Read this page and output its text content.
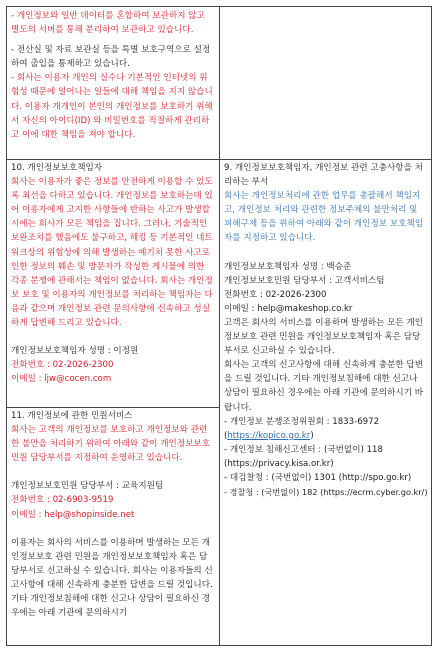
- 개인정보와 일반 데이터를 혼합하여 보관하지 않고 별도의 서버를 통해 분리하여 보관하고 있습니다.

- 전산실 및 자료 보관실 등을 특별 보호구역으로 설정하여 출입을 통제하고 있습니다.

- 회사는 이용자 개인의 실수나 기본적인 인터넷의 위험성 때문에 일어나는 일들에 대해 책임을 지지 않습니다. 이용자 개개인이 본인의 개인정보를 보호하기 위해서 자신의 아이디(ID) 와 비밀번호를 적절하게 관리하고 이에 대한 책임을 져야 합니다.

10. 개인정보보호책임자

회사는 이용자가 좋은 정보를 안전하게 이용할 수 있도록 최선을 다하고 있습니다. 개인정보를 보호하는데 있어 이용자에게 고지한 사항들에 반하는 사고가 발생할 시에는 회사가 모든 책임을 집니다. 그러나, 기술적인 보완조치를 했음에도 불구하고, 해킹 등 기본적인 네트워크상의 위험성에 의해 발생하는 예기치 못한 사고로 인한 정보의 훼손 및 방문자가 작성한 게시물에 의한 각종 분쟁에 관해서는 책임이 없습니다. 회사는 개인정보 보호 및 이용자의 개인정보를 처리하는 책임자는 다음과 같으며 개인정보 관련 문의사항에 신속하고 성실하게 답변해 드리고 있습니다.

개인정보보호책임자 성명 : 이정원

전화번호 : 02-2026-2300

이메일 : ljw@cocen.com

11. 개인정보에 관한 민원서비스

회사는 고객의 개인정보를 보호하고 개인정보와 관련한 불만을 처리하기 위하여 아래와 같이 개인정보보호민원 담당부서를 지정하여 운영하고 있습니다.

개인정보보호민원 담당부서 : 교육지원팀

전화번호 : 02-6903-9519

이메일 : help@shopinside.net

이용자는 회사의 서비스를 이용하며 발생하는 모든 개인정보보호 관련 민원을 개인정보보호책임자 혹은 담당부서로 신고하실 수 있습니다. 회사는 이용자들의 신고사항에 대해 신속하게 충분한 답변을 드릴 것입니다. 기타 개인정보침해에 대한 신고나 상담이 필요하신 경우에는 아래 기관에 문의하시기

9. 개인정보보호책임자, 개인정보 관련 고충사항을 처리하는 부서

회사는 개인정보처리에 관한 업무를 총괄해서 책임지고, 개인정보 처리와 관련한 정보주체의 불만처리 및 피해구제 등을 위하여 아래와 같이 개인정보 보호책임자를 지정하고 있습니다.

개인정보보호책임자 성명 : 백승준

개인정보보호민원 담당부서 : 고객서비스팀

전화번호 : 02-2026-2300

이메일 : help@makeshop.co.kr

고객은 회사의 서비스를 이용하며 발생하는 모든 개인정보보호 관련 민원을 개인정보보호책임자 혹은 담당부서로 신고하실 수 있습니다.

회사는 고객의 신고사항에 대해 신속하게 충분한 답변을 드릴 것입니다. 기타 개인정보침해에 대한 신고나 상담이 필요하신 경우에는 아래 기관에 문의하시기 바랍니다.

- 개인정보 분쟁조정위원회 : 1833-6972

(https://kopico.go.kr)

- 개인정보 침해신고센터 : (국번없이) 118

(https://privacy.kisa.or.kr)

- 대검찰청 : (국번없이) 1301 (http://spo.go.kr)

- 경찰청 : (국번없이) 182 (https://ecrm.cyber.go.kr/)
